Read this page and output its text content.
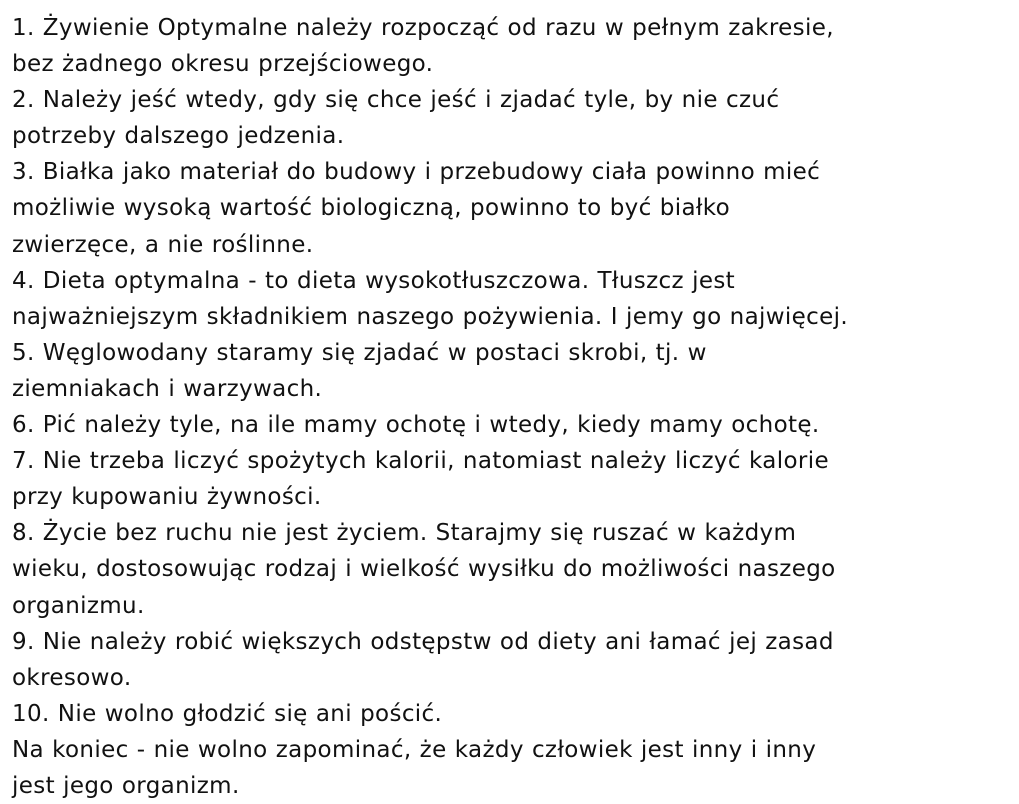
1. Żywienie Optymalne należy rozpocząć od razu w pełnym zakresie,
bez żadnego okresu przejściowego.
2. Należy jeść wtedy, gdy się chce jeść i zjadać tyle, by nie czuć
potrzeby dalszego jedzenia.
3. Białka jako materiał do budowy i przebudowy ciała powinno mieć
możliwie wysoką wartość biologiczną, powinno to być białko
zwierzęce, a nie roślinne.
4. Dieta optymalna - to dieta wysokotłuszczowa. Tłuszcz jest
najważniejszym składnikiem naszego pożywienia. I jemy go najwięcej.
5. Węglowodany staramy się zjadać w postaci skrobi, tj. w
ziemniakach i warzywach.
6. Pić należy tyle, na ile mamy ochotę i wtedy, kiedy mamy ochotę.
7. Nie trzeba liczyć spożytych kalorii, natomiast należy liczyć kalorie
przy kupowaniu żywności.
8. Życie bez ruchu nie jest życiem. Starajmy się ruszać w każdym
wieku, dostosowując rodzaj i wielkość wysiłku do możliwości naszego
organizmu.
9. Nie należy robić większych odstępstw od diety ani łamać jej zasad
okresowo.
10. Nie wolno głodzić się ani pościć.
Na koniec - nie wolno zapominać, że każdy człowiek jest inny i inny
jest jego organizm.
